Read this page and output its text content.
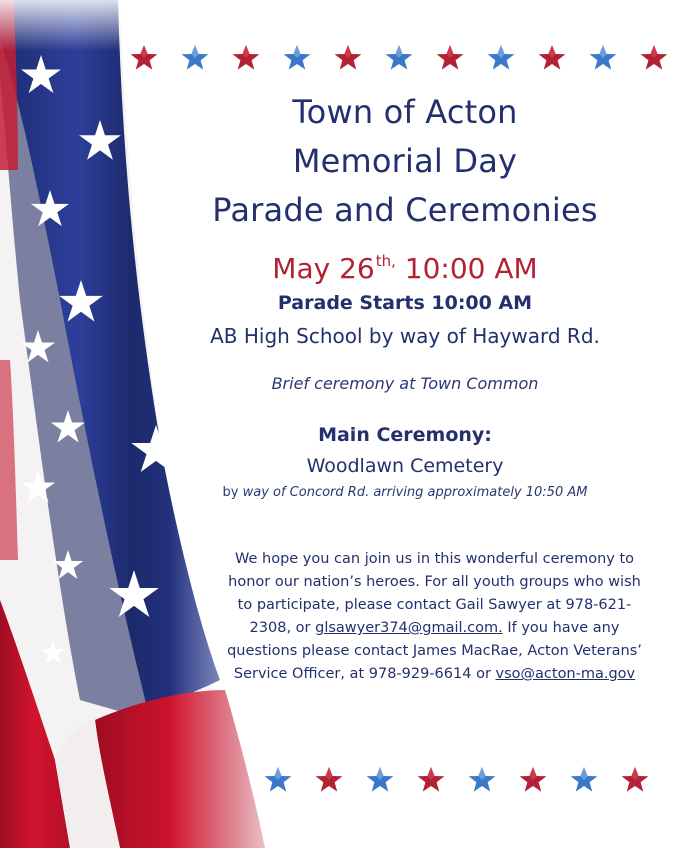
Town of Acton
Memorial Day
Parade and Ceremonies
May $26^{th,}$ 10:00 AM
Parade Starts 10:00 AM
AB High School by way of Hayward Rd.
Brief ceremony at Town Common
Main Ceremony:
Woodlawn Cemetery
by way of Concord Rd. arriving approximately 10:50 AM
We hope you can join us in this wonderful ceremony to honor our nation’s heroes. For all youth groups who wish to participate, please contact Gail Sawyer at 978-621-2308, or glsawyer374@gmail.com. If you have any questions please contact James MacRae, Acton Veterans’ Service Officer, at 978-929-6614 or vso@acton-ma.gov
